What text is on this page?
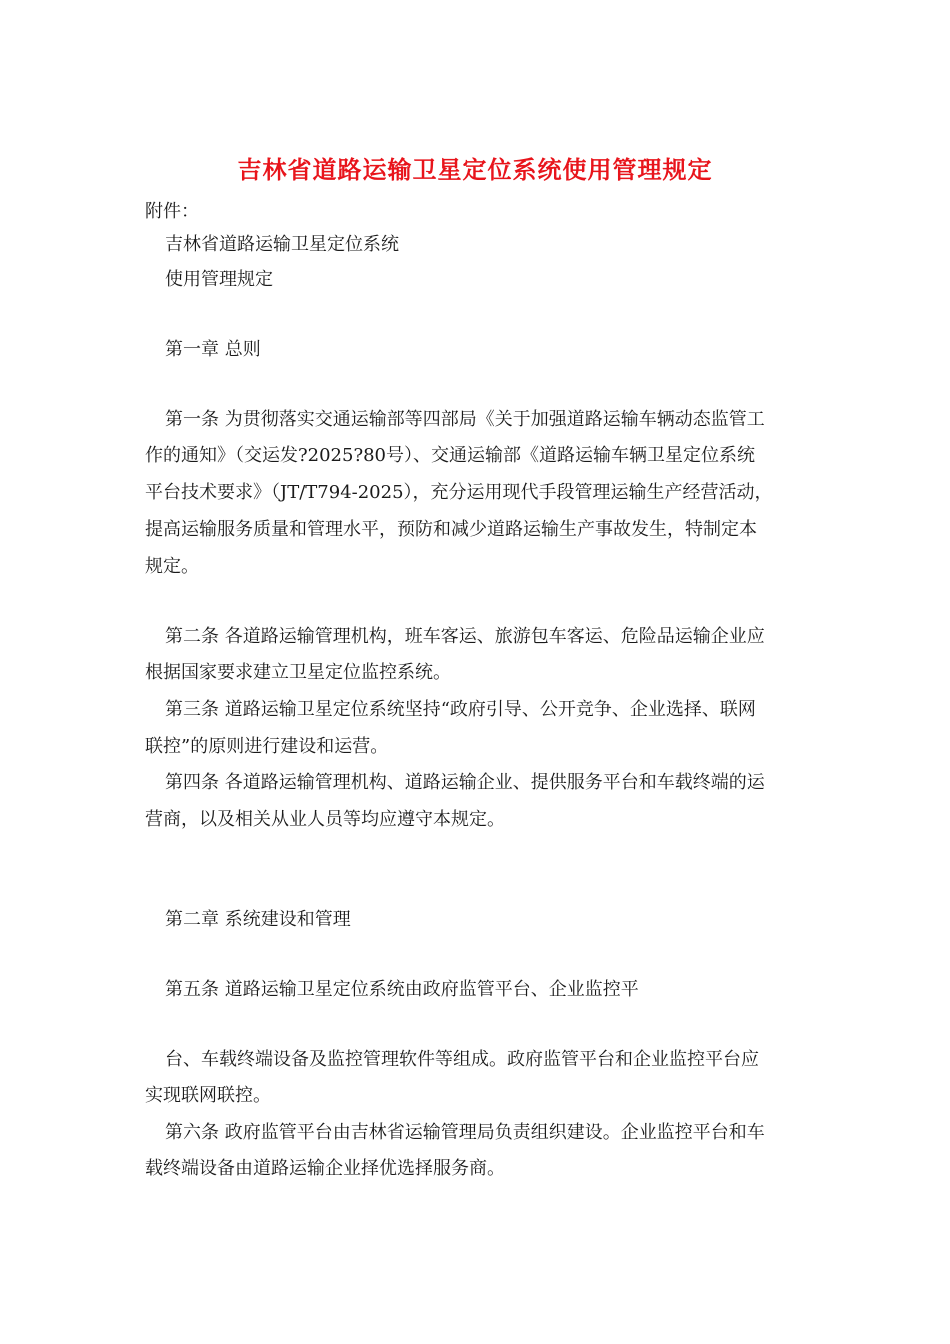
吉林省道路运输卫星定位系统使用管理规定

附件：

吉林省道路运输卫星定位系统

使用管理规定

第一章 总则

第一条 为贯彻落实交通运输部等四部局《关于加强道路运输车辆动态监管工

作的通知》（交运发?2025?80号）、交通运输部《道路运输车辆卫星定位系统

平台技术要求》（JT/T794-2025），充分运用现代手段管理运输生产经营活动，

提高运输服务质量和管理水平，预防和减少道路运输生产事故发生，特制定本

规定。

第二条 各道路运输管理机构，班车客运、旅游包车客运、危险品运输企业应

根据国家要求建立卫星定位监控系统。

第三条 道路运输卫星定位系统坚持“政府引导、公开竞争、企业选择、联网

联控”的原则进行建设和运营。

第四条 各道路运输管理机构、道路运输企业、提供服务平台和车载终端的运

营商，以及相关从业人员等均应遵守本规定。

第二章 系统建设和管理

第五条 道路运输卫星定位系统由政府监管平台、企业监控平

台、车载终端设备及监控管理软件等组成。政府监管平台和企业监控平台应

实现联网联控。

第六条 政府监管平台由吉林省运输管理局负责组织建设。企业监控平台和车

载终端设备由道路运输企业择优选择服务商。
